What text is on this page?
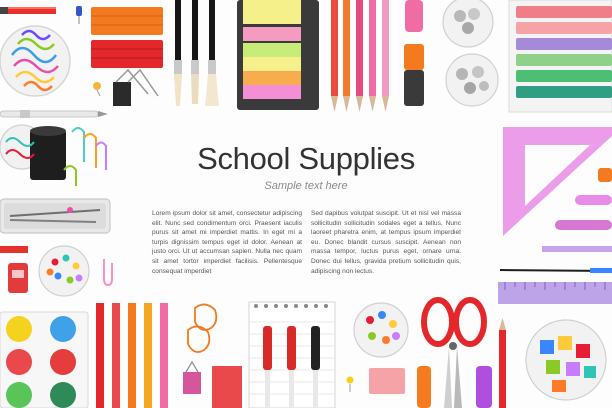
School Supplies

Sample text here

Lorem ipsum dolor sit amet, consectetur adipiscing elit. Nunc sed condimentum orci. Praesent iaculis purus sit amet mi imperdiet mattis. In eget mi a turpis dignissim tempus eget id dolor. Aenean at justo orci. Ut ut accumsan sapien. Nulla nec quam sit amet tortor imperdiet facilisis. Pellentesque consequat imperdiet

Sed dapibus volutpat suscipit. Ut et nisl vel massa sollicitudin sollicitudin sodales eget a tellus. Nunc laoreet pharetra enim, at tempus ipsum imperdiet eu. Donec blandit cursus suscipit. Aenean non massa tempor, luctus purus eget, ornare urna. Donec dui tellus, gravida pretium sollicitudin quis, adipiscing non lectus.
